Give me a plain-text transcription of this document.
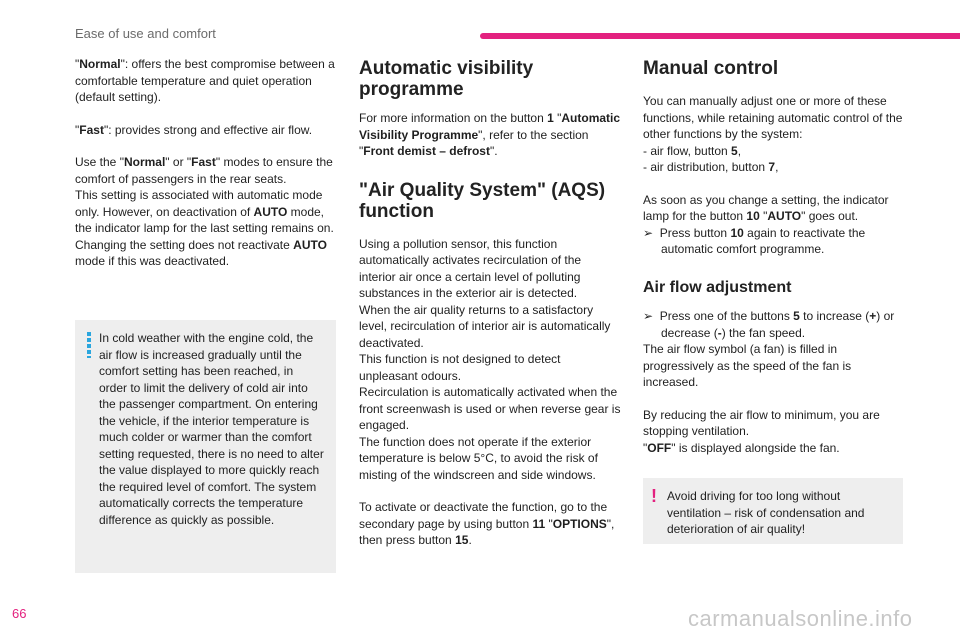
Ease of use and comfort

"Normal": offers the best compromise between a comfortable temperature and quiet operation (default setting).

"Fast": provides strong and effective air flow.

Use the "Normal" or "Fast" modes to ensure the comfort of passengers in the rear seats.
This setting is associated with automatic mode only. However, on deactivation of AUTO mode, the indicator lamp for the last setting remains on.
Changing the setting does not reactivate AUTO mode if this was deactivated.

In cold weather with the engine cold, the air flow is increased gradually until the comfort setting has been reached, in order to limit the delivery of cold air into the passenger compartment. On entering the vehicle, if the interior temperature is much colder or warmer than the comfort setting requested, there is no need to alter the value displayed to more quickly reach the required level of comfort. The system automatically corrects the temperature difference as quickly as possible.
Automatic visibility programme

For more information on the button 1 "Automatic Visibility Programme", refer to the section "Front demist – defrost".

"Air Quality System" (AQS) function

Using a pollution sensor, this function automatically activates recirculation of the interior air once a certain level of polluting substances in the exterior air is detected.
When the air quality returns to a satisfactory level, recirculation of interior air is automatically deactivated.
This function is not designed to detect unpleasant odours.
Recirculation is automatically activated when the front screenwash is used or when reverse gear is engaged.
The function does not operate if the exterior temperature is below 5°C, to avoid the risk of misting of the windscreen and side windows.

To activate or deactivate the function, go to the secondary page by using button 11 "OPTIONS", then press button 15.

Manual control

You can manually adjust one or more of these functions, while retaining automatic control of the other functions by the system:
- air flow, button 5,
- air distribution, button 7,

As soon as you change a setting, the indicator lamp for the button 10 "AUTO" goes out.

➢  Press button 10 again to reactivate the automatic comfort programme.

Air flow adjustment

➢  Press one of the buttons 5 to increase (+) or decrease (-) the fan speed.
The air flow symbol (a fan) is filled in progressively as the speed of the fan is increased.

By reducing the air flow to minimum, you are stopping ventilation.
"OFF" is displayed alongside the fan.

! Avoid driving for too long without ventilation – risk of condensation and deterioration of air quality!
66	carmanualsonline.info
